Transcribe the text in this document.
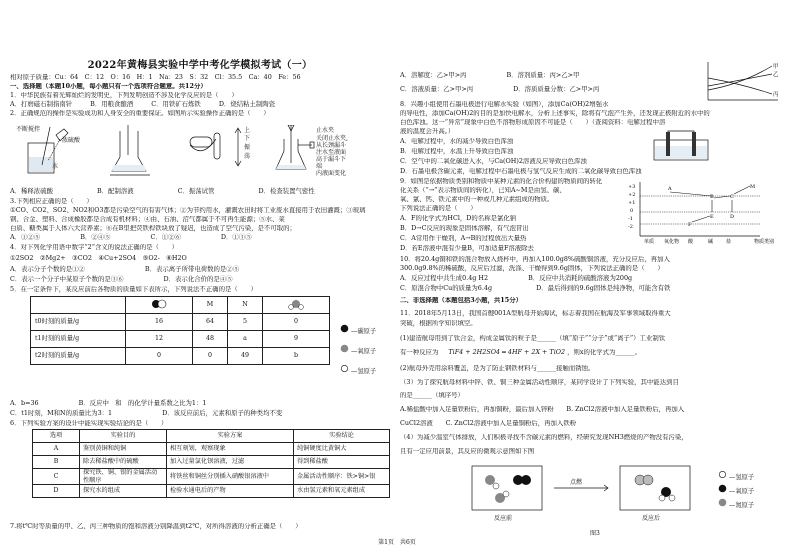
2022年黄梅县实验中学中考化学模拟考试（一）
相对原子质量：Cu：64　C：12　O：16　H：1　Na：23　S：32　Cl：35.5　Ca：40　Fe：56
一、选择题（本题10小题，每小题只有一个选项符合题意。共12分）
1．中华民族有着光辉灿烂的发明史，下列发明创造不涉及化学反应的是（　　）
A．打磨磁石制指南针	B．用粮食酿酒	C．用铁矿石炼铁	D．烧结粘土制陶瓷
2．正确规范的操作是实验成功和人身安全的重要保证。如图所示实验操作正确的是（　　）
不断搅拌
浓硫酸
水
上
下
振
荡
止水夹
关闭止水夹,
从长颈漏斗
注水至液面
高于漏斗下
端
内液面变化
A．稀释浓硫酸	B．配制溶液	C．振荡试管	D．检查装置气密性
3.下列相应正确的是（　　）
①CO、CO2、SO2、NO2和O3都是污染空气的有害气体；②为节约用水，灌溉农田时将工业废水直接用于农田灌溉；③玻璃
钢、合金、塑料、合成橡胶都是合成有机材料；④由、石油、沼气都属于不可再生能源；⑤水、菜
白质、糖类属于人体六大营养素；⑥在B里把荧铁桿铁块放了疑迟，也造成了空气污染，是不可取的；
A．①②⑤	B．②④⑤	C．①②⑥	D．①③⑤
4．对下列化学用语中数字“2”含义的说法正确的是（　　）
①2SO2　②Mg2+　③CO2　④Cu+2SO4　⑤O2-　⑥H2O
A．表示分子个数的是①②	B．表示离子所带电荷数的是②⑤
C．表示一个分子中某原子个数的是③⑥	D．表示化合价的是④⑤
5．在一定条件下，某反应前后各物质的质量如下表所示，下列说法不正确的是（　　）
		M	N	
t0时刻的质量/g	16	64	5	0
t1时刻的质量/g	12	48	a	9
t2时刻的质量/g	0	0	49	b
—碳原子
—氧原子
—氢原子
A．b=36	B．反应中　和　的化学计量系数之比为1：1
C．t1时刻，M和N的质量比为3：1	D．该反应前后，元素和原子的种类均不变
6．下列实验方案的设计中能实现实验结论的是（　　）
选项	实验目的	实验方案	实验结论
A	鉴别黄铜和纯铜	相互刻划，观察现象	纯铜硬度比黄铜大
B	除去稀盐酸中的硫酸	加入过量氯化钡溶液，过滤	得到稀盐酸
C	探究铁、铜、银的金属活动性顺序	将铁丝和铜丝分别插入硝酸银溶液中	金属活动性顺序：铁>铜>银
D	探究水的组成	检验水通电后的产物	水由氢元素和氧元素组成
7.将t℃时等质量的甲、乙、丙三种物质的饱和溶液分别降温到t2℃，对所得溶液的分析正确是（　　）
A．溶解度：乙>甲>丙	B．溶剂质量：丙>乙>甲
C．溶液质量：乙>甲>丙	D．溶质质量分数：乙>甲>丙
甲
乙
丙
8．兴趣小组使用石墨电极进行电解水实验（如图），添加Ca(OH)2增强水
的导电性，添加Ca(OH)2的目的是加快电解水，分析上述事实，除将有气泡产生外，还发现正极附近的水中的
白色浑浊。这一“异常”现象中白色不溶物形成原因不可能是（　　）（查阅资料：电解过程中溶
液的温度会升高。）
A．电解过程中，水的减少导致白色浑浊
B．电解过程中，水温上升导致白色浑浊
C．空气中的二氧化碳进入水，与Ca(OH)2溶液反应导致白色浑浊
D．石墨电极含碳元素，电解过程中石墨电极与氢气反应生成的二氧化碳导致白色浑浊
9．如图是依据物质类别和物质中某种元素的化合价构建的物质间的转化
化关系（“→”表示物质间的转化），已知A~M是由氢、碳、
氧、氯、钙、铁元素中的一种或几种元素组成的物质。
下列说法正确的是（　　）
A．F的化学式为HCl，D的名称是氯化钠
B．D→C反应的现象是固体溶解，有气泡冒出
C．A常用作干燥剂，A→B的过程放出大量热
D．若E溶液中混有少量B，可加适量F溶液除去
+3
+2
+1
0
-1
-2
单质 氧化物 酸	碱	盐	物质类别
A
B	C
D
E
F
M
10．将20.4g铜和铁的混合物放入烧杯中，再加入100.0g8%硫酸铜溶液，充分反应后，再加入
300.0g9.8%的稀硫酸，反应后过滤，洗涤、干燥得到9.6g固体，下列说法正确的是（　　）
A．反应过程中共生成0.4g H2	B．反应中共消耗的硫酸溶液为200g
C．原混合物中Cu的质量为6.4g	D．最后得到的9.6g固体是纯净物，可能含有铁
二、非选择题（本题包括3小题，共15分）
11．2018年5月13日，我国首艘001A型航母开始海试，标志着我国在航海及军事领域取得重大
突破，根据所学知识填空。
(1)建造航母用到了钛合金，构成金属钛的粒子是______（填“原子”“分子”或“离子”）工业制钛
有一种反应为 TiF4 + 2H2SO4 ═ 4HF + 2X + TiO2 ，则x的化学式为______。
(2)航母外壳用涂料覆盖，是为了防止钢铁材料与______接触而锈蚀。
（3）为了探究航母材料中锌、铁、铜三种金属活动性顺序，某同学设计了下列实验，其中能达到目
的是______（填序号）
A.稀盐酸中加入足量铁粉后，再加铜粉，最后加入锌粉　　B. ZnCl2溶液中加入足量铁粉后，再加入
CuCl2溶液　　C. ZnCl2溶液中加入足量铜粉后，再加入铁粉
（4）为减少温室气体排放，人们积极寻找不含碳元素的燃料，经研究发现NH3燃烧的产物没有污染，
且有一定应用前景，其反应的微观示意图如下图
点燃
反应前	反应后
—氢原子
—氧原子
—氮原子
图3
第1页　共6页
